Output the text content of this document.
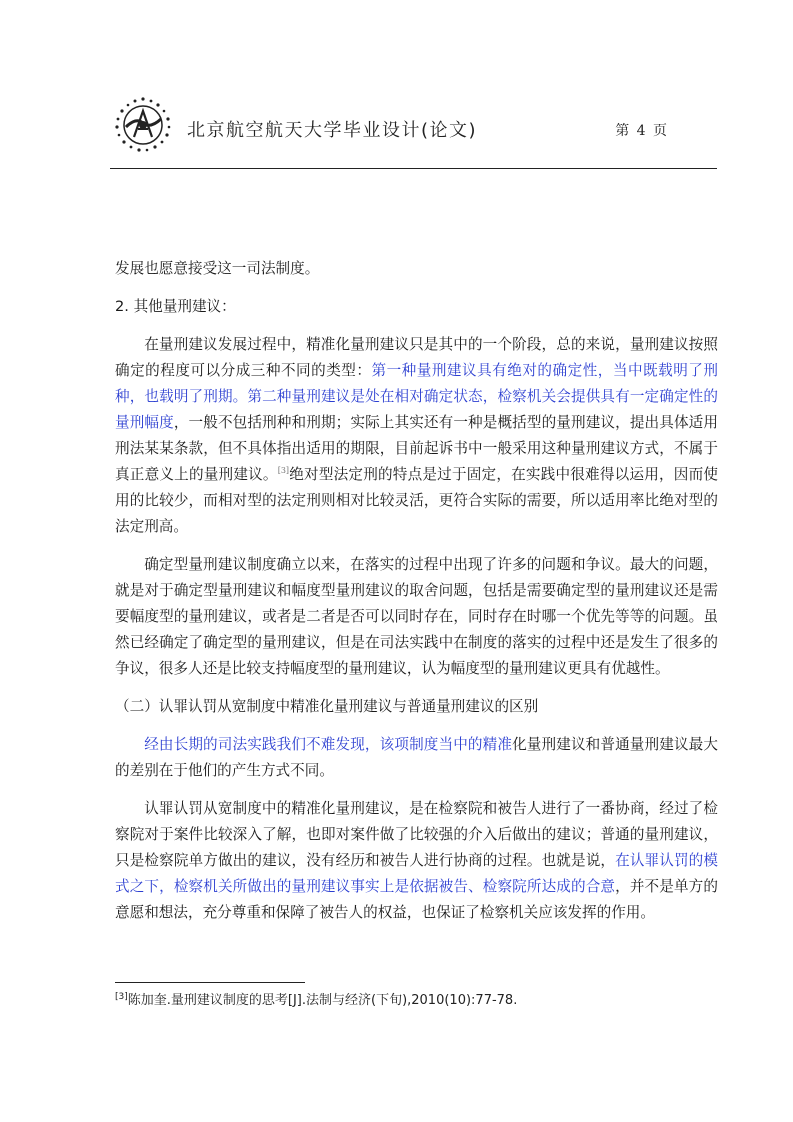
北京航空航天大学毕业设计(论文)	第 4 页

发展也愿意接受这一司法制度。

2. 其他量刑建议：

在量刑建议发展过程中，精准化量刑建议只是其中的一个阶段，总的来说，量刑建议按照确定的程度可以分成三种不同的类型：第一种量刑建议具有绝对的确定性，当中既载明了刑种，也载明了刑期。第二种量刑建议是处在相对确定状态，检察机关会提供具有一定确定性的量刑幅度，一般不包括刑种和刑期；实际上其实还有一种是概括型的量刑建议，提出具体适用刑法某某条款，但不具体指出适用的期限，目前起诉书中一般采用这种量刑建议方式，不属于真正意义上的量刑建议。[3]绝对型法定刑的特点是过于固定，在实践中很难得以运用，因而使用的比较少，而相对型的法定刑则相对比较灵活，更符合实际的需要，所以适用率比绝对型的法定刑高。

确定型量刑建议制度确立以来，在落实的过程中出现了许多的问题和争议。最大的问题，就是对于确定型量刑建议和幅度型量刑建议的取舍问题，包括是需要确定型的量刑建议还是需要幅度型的量刑建议，或者是二者是否可以同时存在，同时存在时哪一个优先等等的问题。虽然已经确定了确定型的量刑建议，但是在司法实践中在制度的落实的过程中还是发生了很多的争议，很多人还是比较支持幅度型的量刑建议，认为幅度型的量刑建议更具有优越性。

（二）认罪认罚从宽制度中精准化量刑建议与普通量刑建议的区别

经由长期的司法实践我们不难发现，该项制度当中的精准化量刑建议和普通量刑建议最大的差别在于他们的产生方式不同。

认罪认罚从宽制度中的精准化量刑建议，是在检察院和被告人进行了一番协商，经过了检察院对于案件比较深入了解，也即对案件做了比较强的介入后做出的建议；普通的量刑建议，只是检察院单方做出的建议，没有经历和被告人进行协商的过程。也就是说，在认罪认罚的模式之下，检察机关所做出的量刑建议事实上是依据被告、检察院所达成的合意，并不是单方的意愿和想法，充分尊重和保障了被告人的权益，也保证了检察机关应该发挥的作用。

[3]陈加奎.量刑建议制度的思考[J].法制与经济(下旬),2010(10):77-78.
